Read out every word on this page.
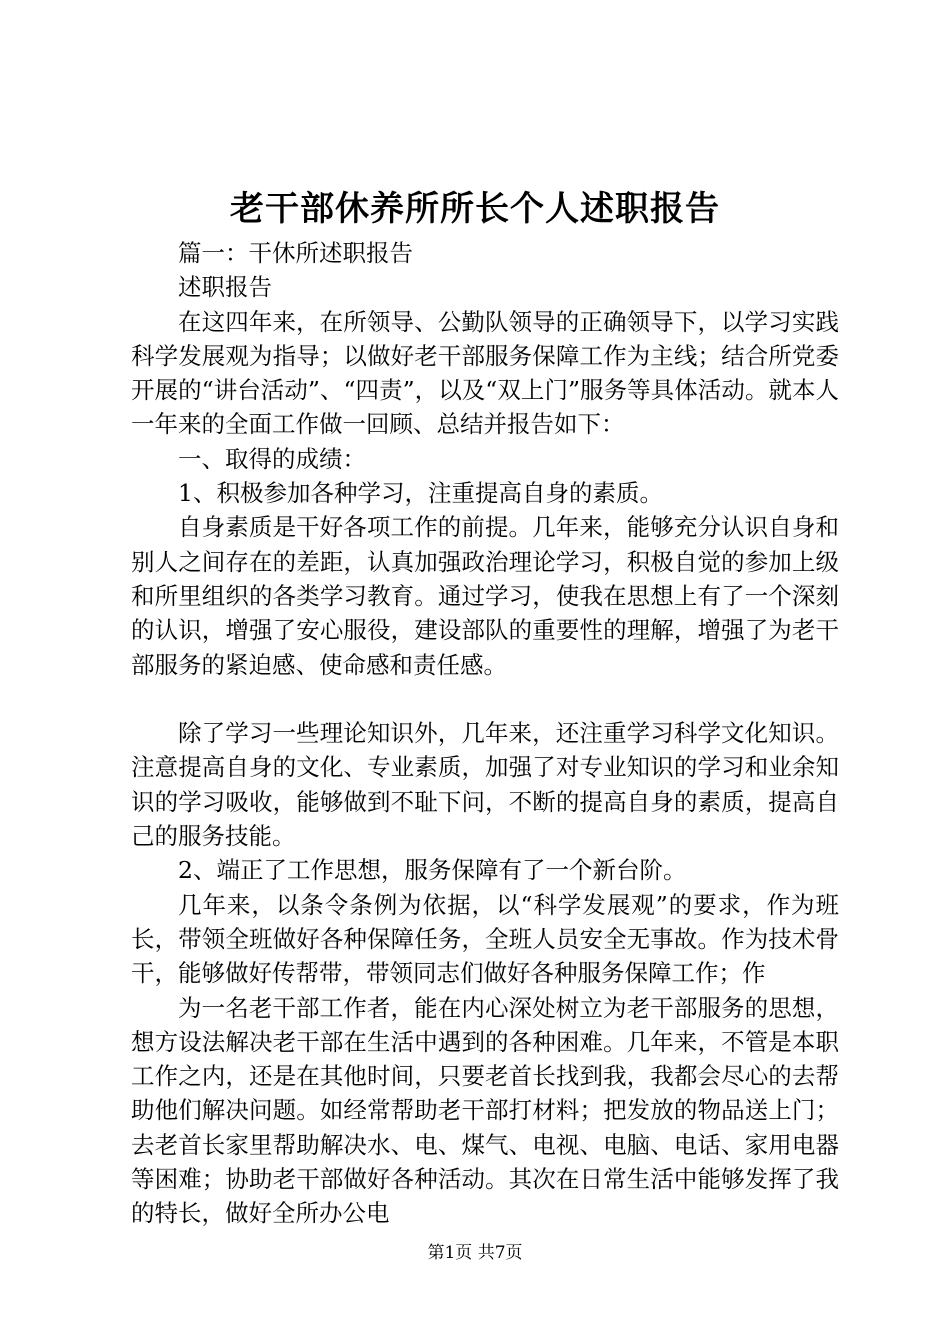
老干部休养所所长个人述职报告

篇一：干休所述职报告

述职报告

在这四年来，在所领导、公勤队领导的正确领导下，以学习实践科学发展观为指导；以做好老干部服务保障工作为主线；结合所党委开展的“讲台活动”、“四责”，以及“双上门”服务等具体活动。就本人一年来的全面工作做一回顾、总结并报告如下：

一、取得的成绩：

1、积极参加各种学习，注重提高自身的素质。

自身素质是干好各项工作的前提。几年来，能够充分认识自身和别人之间存在的差距，认真加强政治理论学习，积极自觉的参加上级和所里组织的各类学习教育。通过学习，使我在思想上有了一个深刻的认识，增强了安心服役，建设部队的重要性的理解，增强了为老干部服务的紧迫感、使命感和责任感。

除了学习一些理论知识外，几年来，还注重学习科学文化知识。注意提高自身的文化、专业素质，加强了对专业知识的学习和业余知识的学习吸收，能够做到不耻下问，不断的提高自身的素质，提高自己的服务技能。

2、端正了工作思想，服务保障有了一个新台阶。

几年来，以条令条例为依据，以“科学发展观”的要求，作为班长，带领全班做好各种保障任务，全班人员安全无事故。作为技术骨干，能够做好传帮带，带领同志们做好各种服务保障工作；作

为一名老干部工作者，能在内心深处树立为老干部服务的思想，想方设法解决老干部在生活中遇到的各种困难。几年来，不管是本职工作之内，还是在其他时间，只要老首长找到我，我都会尽心的去帮助他们解决问题。如经常帮助老干部打材料；把发放的物品送上门；去老首长家里帮助解决水、电、煤气、电视、电脑、电话、家用电器等困难；协助老干部做好各种活动。其次在日常生活中能够发挥了我的特长，做好全所办公电

第1页 共7页
